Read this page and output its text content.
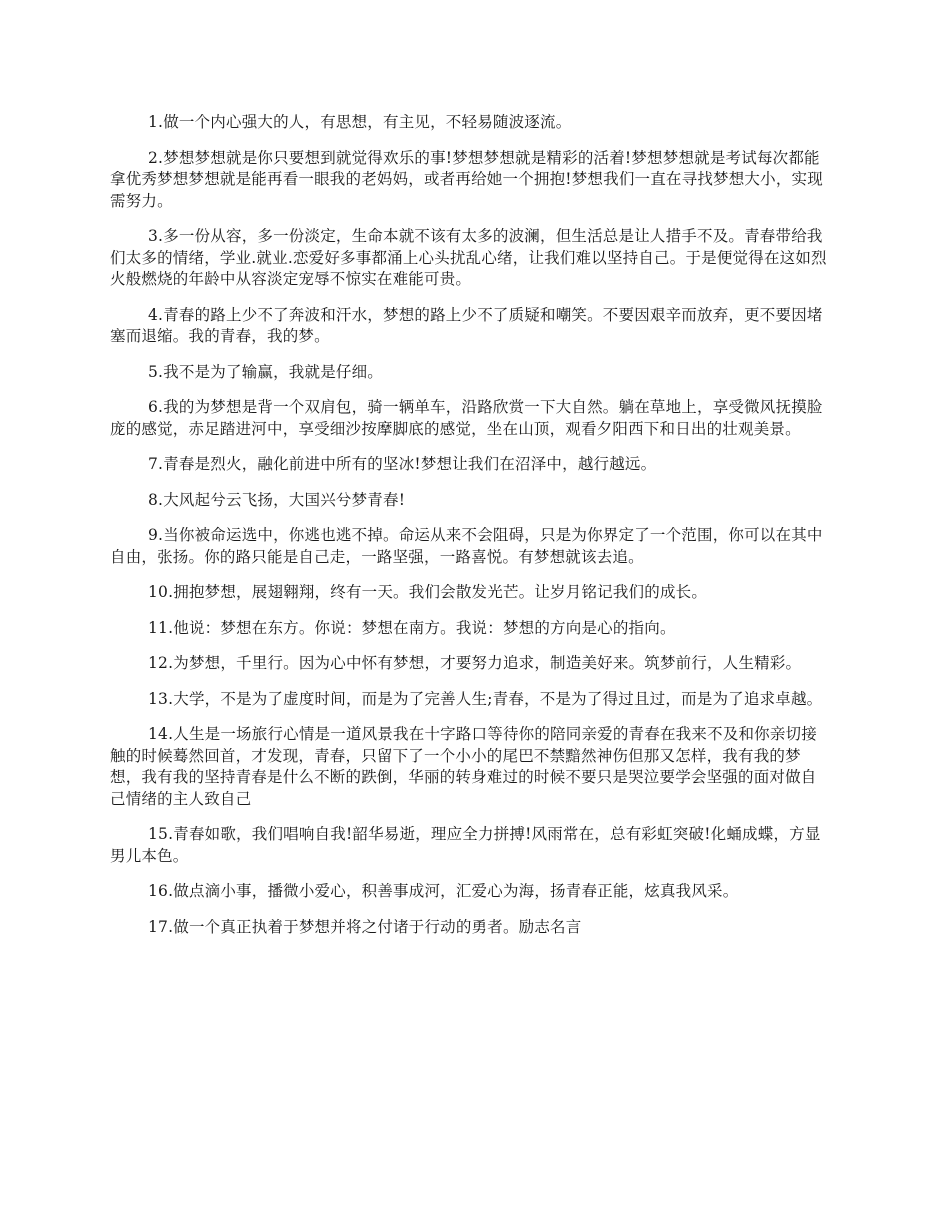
1.做一个内心强大的人，有思想，有主见，不轻易随波逐流。

2.梦想梦想就是你只要想到就觉得欢乐的事!梦想梦想就是精彩的活着!梦想梦想就是考试每次都能拿优秀梦想梦想就是能再看一眼我的老妈妈，或者再给她一个拥抱!梦想我们一直在寻找梦想大小，实现需努力。

3.多一份从容，多一份淡定，生命本就不该有太多的波澜，但生活总是让人措手不及。青春带给我们太多的情绪，学业.就业.恋爱好多事都涌上心头扰乱心绪，让我们难以坚持自己。于是便觉得在这如烈火般燃烧的年龄中从容淡定宠辱不惊实在难能可贵。

4.青春的路上少不了奔波和汗水，梦想的路上少不了质疑和嘲笑。不要因艰辛而放弃，更不要因堵塞而退缩。我的青春，我的梦。

5.我不是为了输赢，我就是仔细。

6.我的为梦想是背一个双肩包，骑一辆单车，沿路欣赏一下大自然。躺在草地上，享受微风抚摸脸庞的感觉，赤足踏进河中，享受细沙按摩脚底的感觉，坐在山顶，观看夕阳西下和日出的壮观美景。

7.青春是烈火，融化前进中所有的坚冰!梦想让我们在沼泽中，越行越远。

8.大风起兮云飞扬，大国兴兮梦青春!

9.当你被命运选中，你逃也逃不掉。命运从来不会阻碍，只是为你界定了一个范围，你可以在其中自由，张扬。你的路只能是自己走，一路坚强，一路喜悦。有梦想就该去追。

10.拥抱梦想，展翅翱翔，终有一天。我们会散发光芒。让岁月铭记我们的成长。

11.他说：梦想在东方。你说：梦想在南方。我说：梦想的方向是心的指向。

12.为梦想，千里行。因为心中怀有梦想，才要努力追求，制造美好来。筑梦前行，人生精彩。

13.大学，不是为了虚度时间，而是为了完善人生;青春，不是为了得过且过，而是为了追求卓越。

14.人生是一场旅行心情是一道风景我在十字路口等待你的陪同亲爱的青春在我来不及和你亲切接触的时候蓦然回首，才发现，青春，只留下了一个小小的尾巴不禁黯然神伤但那又怎样，我有我的梦想，我有我的坚持青春是什么不断的跌倒，华丽的转身难过的时候不要只是哭泣要学会坚强的面对做自己情绪的主人致自己

15.青春如歌，我们唱响自我!韶华易逝，理应全力拼搏!风雨常在，总有彩虹突破!化蛹成蝶，方显男儿本色。

16.做点滴小事，播微小爱心，积善事成河，汇爱心为海，扬青春正能，炫真我风采。

17.做一个真正执着于梦想并将之付诸于行动的勇者。励志名言
